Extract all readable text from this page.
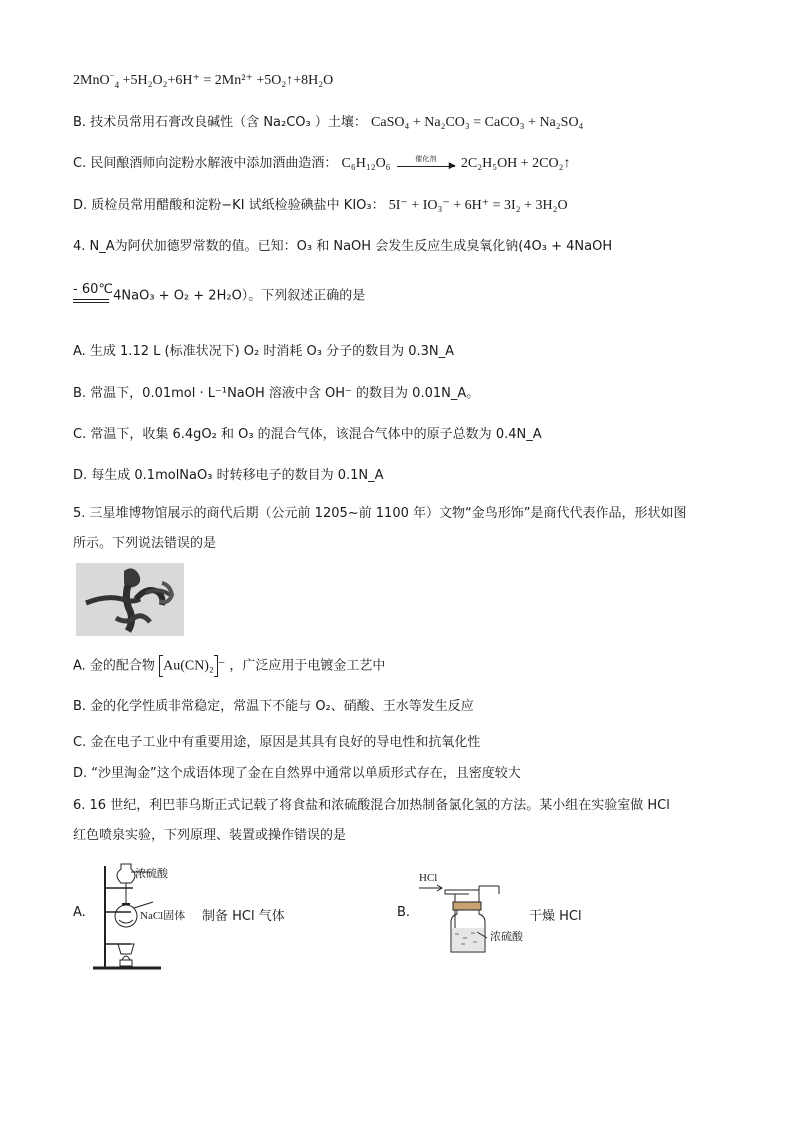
2MnO−$_4$ +5H₂O₂+6H⁺ = 2Mn²⁺ +5O₂↑+8H₂O
B. 技术员常用石膏改良碱性（含 Na₂CO₃ ）土壤： CaSO₄ + Na₂CO₃ = CaCO₃ + Na₂SO₄
C. 民间酿酒师向淀粉水解液中添加酒曲造酒： C₆H₁₂O₆	催化剂
▶ 2C₂H₅OH + 2CO₂↑
D. 质检员常用醋酸和淀粉−KI 试纸检验碘盐中 KIO₃： 5I⁻ + IO₃⁻ + 6H⁺ = 3I₂ + 3H₂O
4. N_A为阿伏加德罗常数的值。已知：O₃ 和 NaOH 会发生反应生成臭氧化钠(4O₃ + 4NaOH
- 60℃ 4NaO₃ + O₂ + 2H₂O）。下列叙述正确的是
A. 生成 1.12 L (标准状况下) O₂ 时消耗 O₃ 分子的数目为 0.3N_A
B. 常温下，0.01mol · L⁻¹NaOH 溶液中含 OH⁻ 的数目为 0.01N_A。
C. 常温下，收集 6.4gO₂ 和 O₃ 的混合气体，该混合气体中的原子总数为 0.4N_A
D. 每生成 0.1molNaO₃ 时转移电子的数目为 0.1N_A
5. 三星堆博物馆展示的商代后期（公元前 1205~前 1100 年）文物“金鸟形饰”是商代代表作品，形状如图
所示。下列说法错误的是
A. 金的配合物 Au(CN)₂ ⁻ ，广泛应用于电镀金工艺中
B. 金的化学性质非常稳定，常温下不能与 O₂、硝酸、王水等发生反应
C. 金在电子工业中有重要用途，原因是其具有良好的导电性和抗氧化性
D. “沙里淘金”这个成语体现了金在自然界中通常以单质形式存在，且密度较大
6. 16 世纪，利巴菲乌斯正式记载了将食盐和浓硫酸混合加热制备氯化氢的方法。某小组在实验室做 HCl
红色喷泉实验，下列原理、装置或操作错误的是
A.
浓硫酸
NaCl固体 制备 HCl 气体	B.
HCl
浓硫酸
干燥 HCl
